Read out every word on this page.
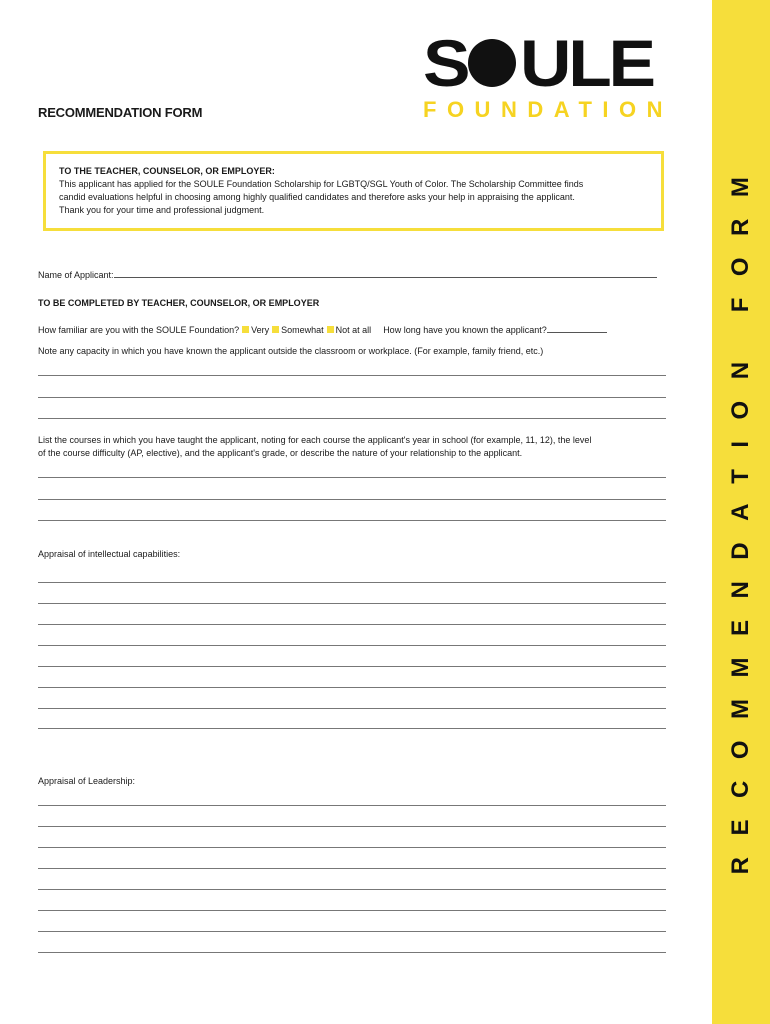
RECOMMENDATION FORM
S ULE
FOUNDATION
RECOMMENDATION FORM
TO THE TEACHER, COUNSELOR, OR EMPLOYER:
This applicant has applied for the SOULE Foundation Scholarship for LGBTQ/SGL Youth of Color. The Scholarship Committee finds
candid evaluations helpful in choosing among highly qualified candidates and therefore asks your help in appraising the applicant.
Thank you for your time and professional judgment.
Name of Applicant:
TO BE COMPLETED BY TEACHER, COUNSELOR, OR EMPLOYER
How familiar are you with the SOULE Foundation? Very Somewhat Not at all How long have you known the applicant?
Note any capacity in which you have known the applicant outside the classroom or workplace. (For example, family friend, etc.)
List the courses in which you have taught the applicant, noting for each course the applicant's year in school (for example, 11, 12), the level
of the course difficulty (AP, elective), and the applicant's grade, or describe the nature of your relationship to the applicant.
Appraisal of intellectual capabilities:
Appraisal of Leadership:
